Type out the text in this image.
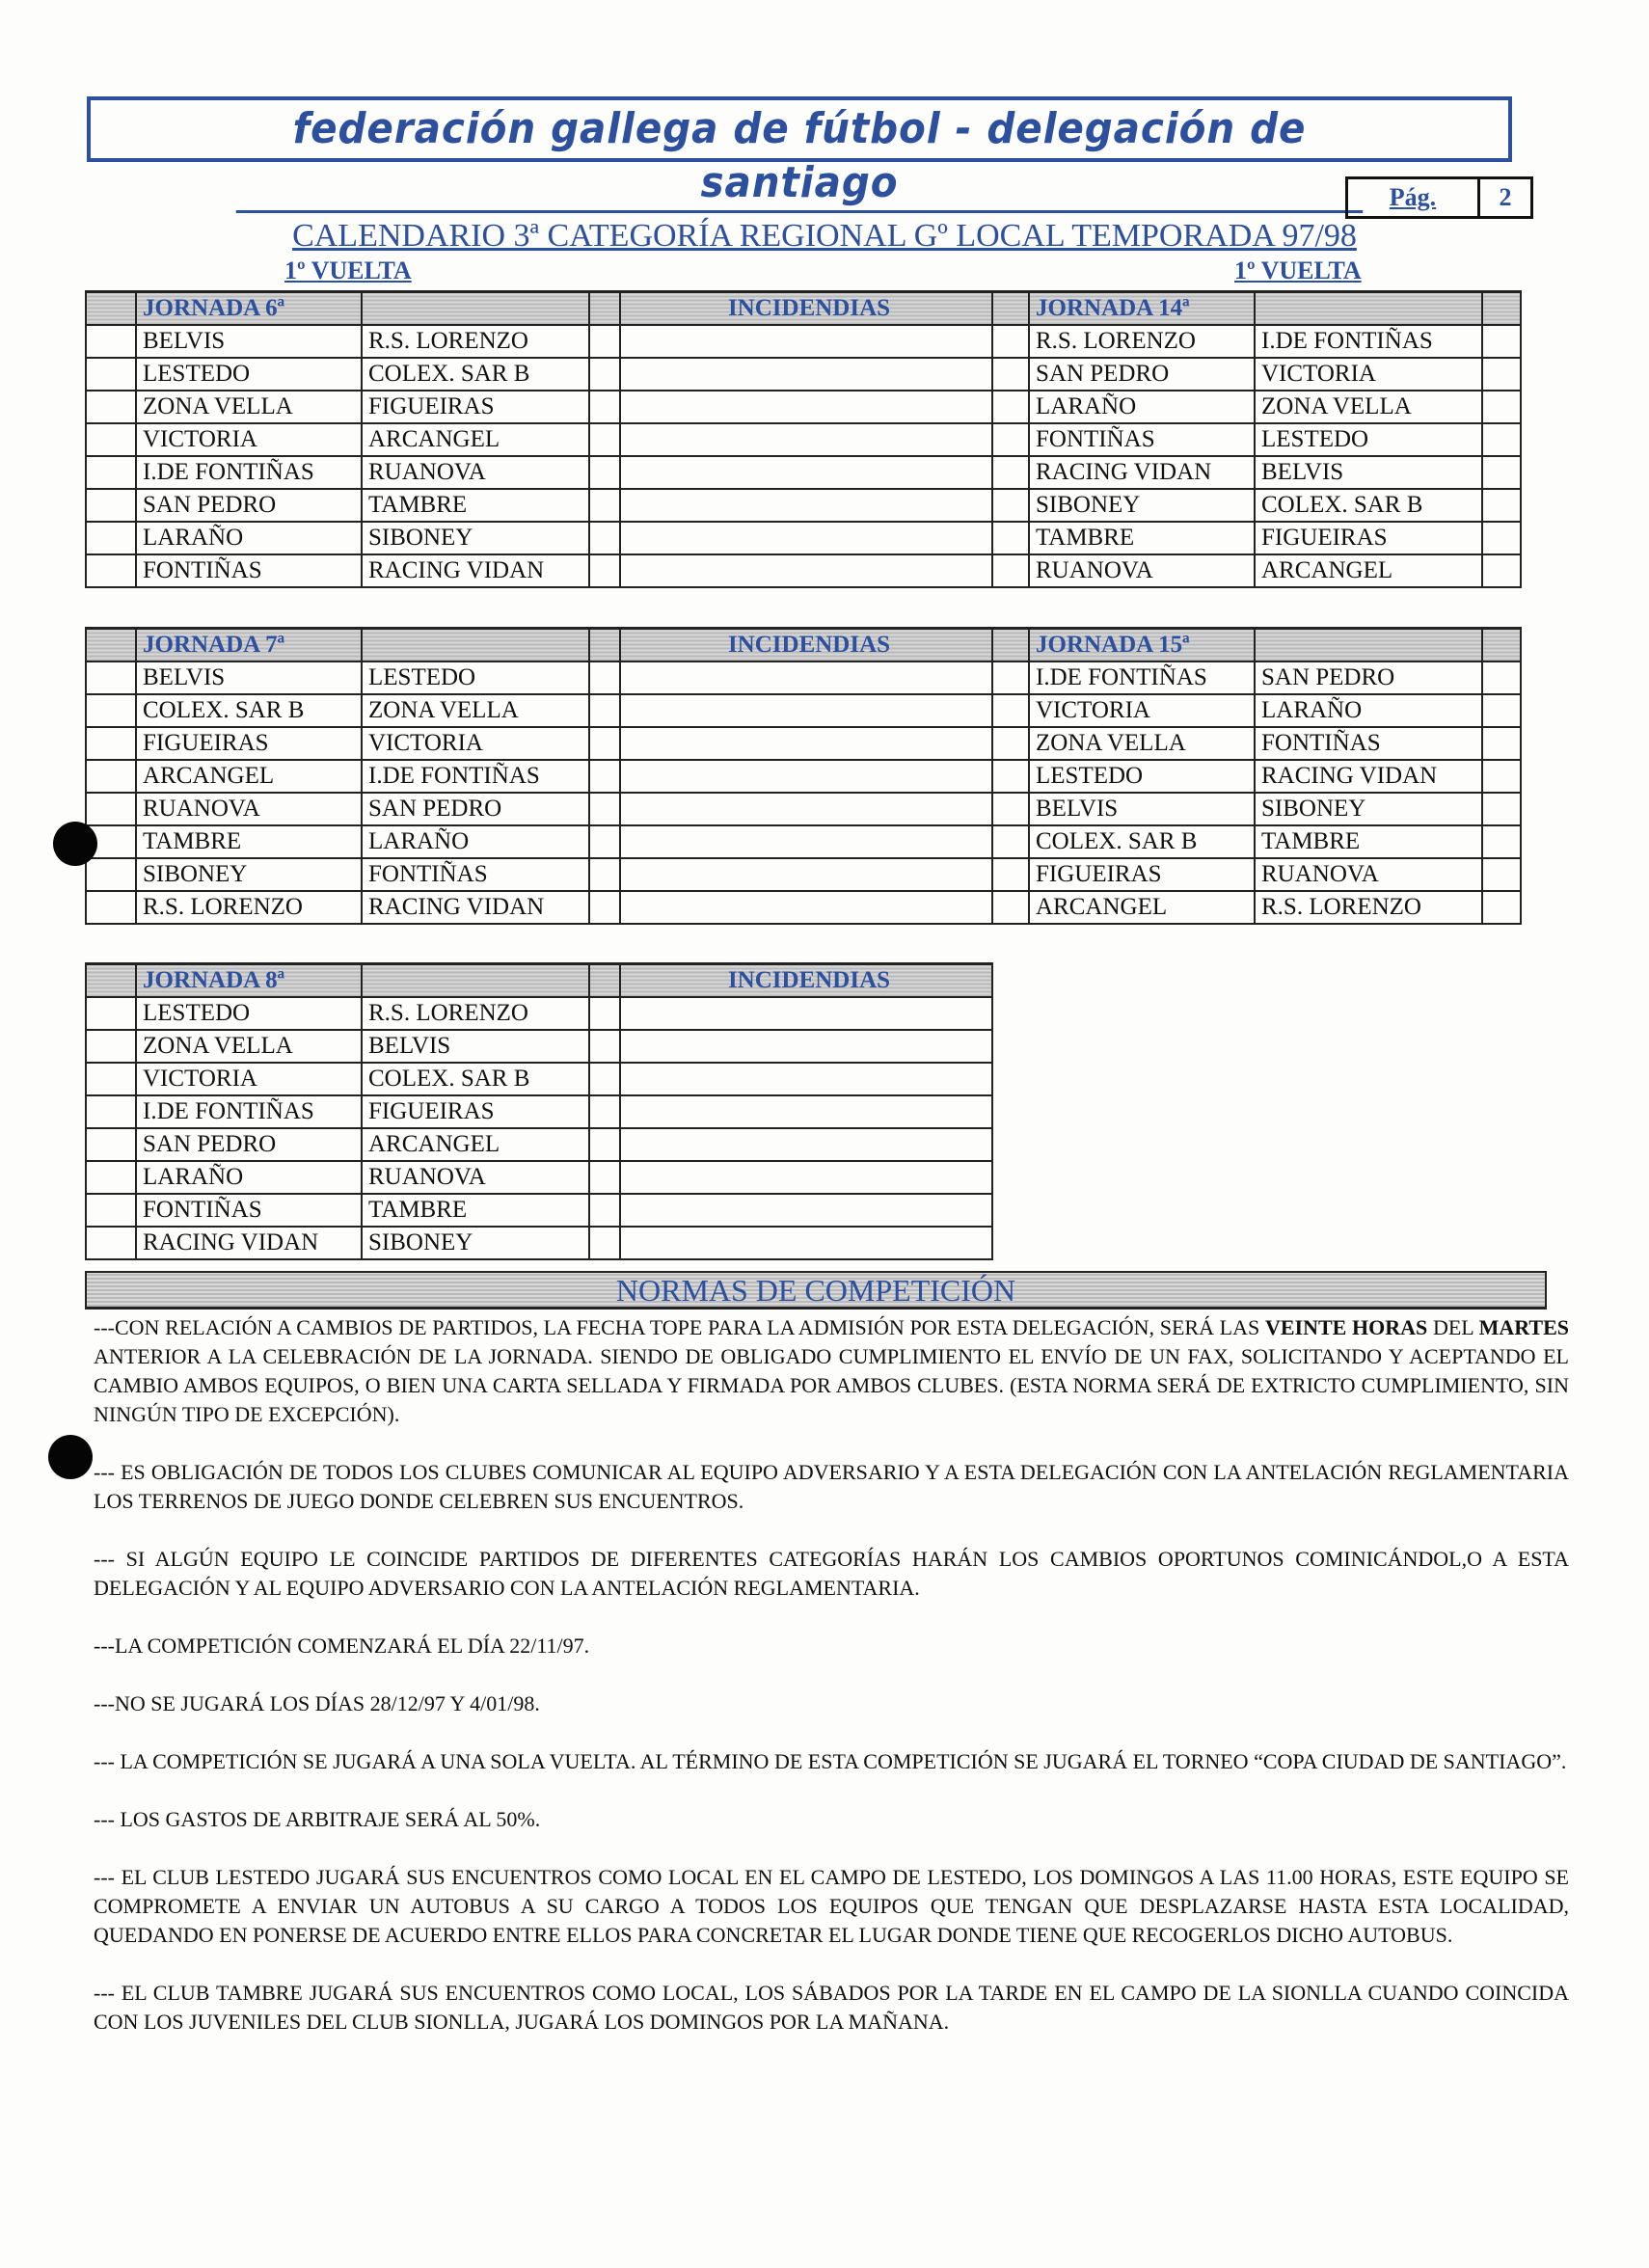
federación gallega de fútbol - delegación de santiago	Pág.	2
CALENDARIO 3ª CATEGORÍA REGIONAL Gº LOCAL TEMPORADA 97/98
1º VUELTA	1º VUELTA
	JORNADA 6ª			INCIDENDIAS		JORNADA 14ª		
	BELVIS	R.S. LORENZO				R.S. LORENZO	I.DE FONTIÑAS	
	LESTEDO	COLEX. SAR B				SAN PEDRO	VICTORIA	
	ZONA VELLA	FIGUEIRAS				LARAÑO	ZONA VELLA	
	VICTORIA	ARCANGEL				FONTIÑAS	LESTEDO	
	I.DE FONTIÑAS	RUANOVA				RACING VIDAN	BELVIS	
	SAN PEDRO	TAMBRE				SIBONEY	COLEX. SAR B	
	LARAÑO	SIBONEY				TAMBRE	FIGUEIRAS	
	FONTIÑAS	RACING VIDAN				RUANOVA	ARCANGEL	
	JORNADA 7ª			INCIDENDIAS		JORNADA 15ª		
	BELVIS	LESTEDO				I.DE FONTIÑAS	SAN PEDRO	
	COLEX. SAR B	ZONA VELLA				VICTORIA	LARAÑO	
	FIGUEIRAS	VICTORIA				ZONA VELLA	FONTIÑAS	
	ARCANGEL	I.DE FONTIÑAS				LESTEDO	RACING VIDAN	
	RUANOVA	SAN PEDRO				BELVIS	SIBONEY	
	TAMBRE	LARAÑO				COLEX. SAR B	TAMBRE	
	SIBONEY	FONTIÑAS				FIGUEIRAS	RUANOVA	
	R.S. LORENZO	RACING VIDAN				ARCANGEL	R.S. LORENZO	
	JORNADA 8ª			INCIDENDIAS
	LESTEDO	R.S. LORENZO		
	ZONA VELLA	BELVIS		
	VICTORIA	COLEX. SAR B		
	I.DE FONTIÑAS	FIGUEIRAS		
	SAN PEDRO	ARCANGEL		
	LARAÑO	RUANOVA		
	FONTIÑAS	TAMBRE		
	RACING VIDAN	SIBONEY		
NORMAS DE COMPETICIÓN

---CON RELACIÓN A CAMBIOS DE PARTIDOS, LA FECHA TOPE PARA LA ADMISIÓN POR ESTA DELEGACIÓN, SERÁ LAS VEINTE HORAS DEL MARTES ANTERIOR A LA CELEBRACIÓN DE LA JORNADA. SIENDO DE OBLIGADO CUMPLIMIENTO EL ENVÍO DE UN FAX, SOLICITANDO Y ACEPTANDO EL CAMBIO AMBOS EQUIPOS, O BIEN UNA CARTA SELLADA Y FIRMADA POR AMBOS CLUBES. (ESTA NORMA SERÁ DE EXTRICTO CUMPLIMIENTO, SIN NINGÚN TIPO DE EXCEPCIÓN).

--- ES OBLIGACIÓN DE TODOS LOS CLUBES COMUNICAR AL EQUIPO ADVERSARIO Y A ESTA DELEGACIÓN CON LA ANTELACIÓN REGLAMENTARIA LOS TERRENOS DE JUEGO DONDE CELEBREN SUS ENCUENTROS.

--- SI ALGÚN EQUIPO LE COINCIDE PARTIDOS DE DIFERENTES CATEGORÍAS HARÁN LOS CAMBIOS OPORTUNOS COMINICÁNDOL,O A ESTA DELEGACIÓN Y AL EQUIPO ADVERSARIO CON LA ANTELACIÓN REGLAMENTARIA.

---LA COMPETICIÓN COMENZARÁ EL DÍA 22/11/97.

---NO SE JUGARÁ LOS DÍAS 28/12/97 Y 4/01/98.

--- LA COMPETICIÓN SE JUGARÁ A UNA SOLA VUELTA. AL TÉRMINO DE ESTA COMPETICIÓN SE JUGARÁ EL TORNEO “COPA CIUDAD DE SANTIAGO”.

--- LOS GASTOS DE ARBITRAJE SERÁ AL 50%.

--- EL CLUB LESTEDO JUGARÁ SUS ENCUENTROS COMO LOCAL EN EL CAMPO DE LESTEDO, LOS DOMINGOS A LAS 11.00 HORAS, ESTE EQUIPO SE COMPROMETE A ENVIAR UN AUTOBUS A SU CARGO A TODOS LOS EQUIPOS QUE TENGAN QUE DESPLAZARSE HASTA ESTA LOCALIDAD, QUEDANDO EN PONERSE DE ACUERDO ENTRE ELLOS PARA CONCRETAR EL LUGAR DONDE TIENE QUE RECOGERLOS DICHO AUTOBUS.

--- EL CLUB TAMBRE JUGARÁ SUS ENCUENTROS COMO LOCAL, LOS SÁBADOS POR LA TARDE EN EL CAMPO DE LA SIONLLA CUANDO COINCIDA CON LOS JUVENILES DEL CLUB SIONLLA, JUGARÁ LOS DOMINGOS POR LA MAÑANA.
